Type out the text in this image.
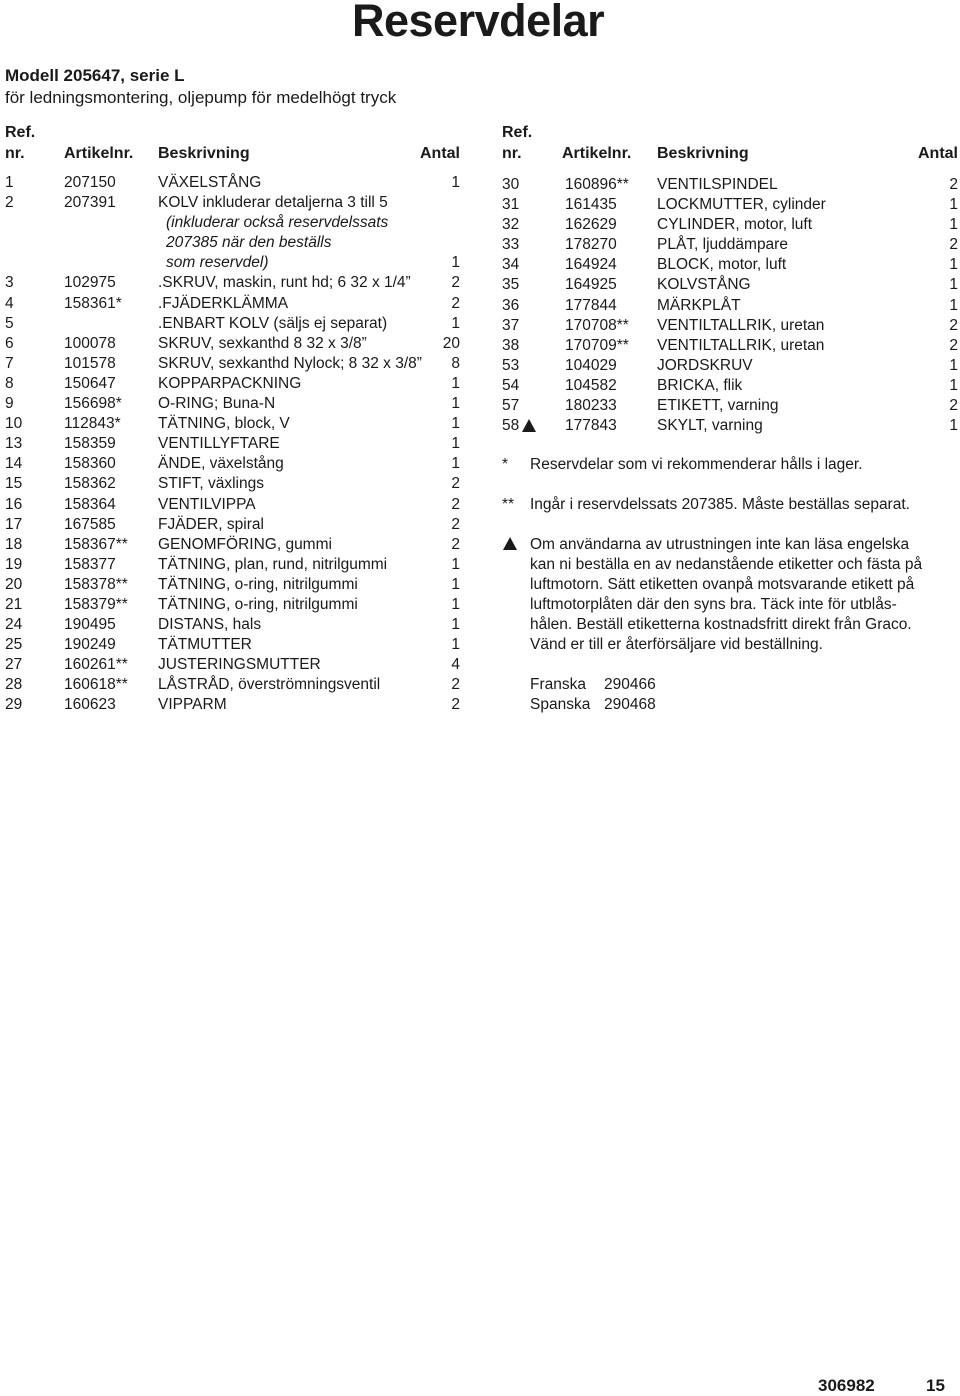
Reservdelar
Modell 205647, serie L
för ledningsmontering, oljepump för medelhögt tryck
Ref.
nr. Artikelnr. Beskrivning	Antal
Ref.
nr.	Artikelnr. Beskrivning	Antal
1	207150	VÄXELSTÅNG	1
2	207391	KOLV inkluderar detaljerna 3 till 5
(inkluderar också reservdelssats
207385 när den beställs
som reservdel)	1
3	102975	.SKRUV, maskin, runt hd; 6 32 x 1/4”	2
4	158361* .FJÄDERKLÄMMA	2
5	.ENBART KOLV (säljs ej separat)	1
6	100078	SKRUV, sexkanthd 8 32 x 3/8”	20
7	101578	SKRUV, sexkanthd Nylock; 8 32 x 3/8” 8
8	150647	KOPPARPACKNING	1
9	156698* O-RING; Buna-N	1
10	112843* TÄTNING, block, V	1
13	158359	VENTILLYFTARE	1
14	158360	ÄNDE, växelstång	1
15	158362	STIFT, växlings	2
16	158364	VENTILVIPPA	2
17	167585	FJÄDER, spiral	2
18	158367** GENOMFÖRING, gummi	2
19	158377	TÄTNING, plan, rund, nitrilgummi	1
20	158378** TÄTNING, o-ring, nitrilgummi	1
21	158379** TÄTNING, o-ring, nitrilgummi	1
24	190495	DISTANS, hals	1
25	190249	TÄTMUTTER	1
27	160261** JUSTERINGSMUTTER	4
28	160618** LÅSTRÅD, överströmningsventil	2
29	160623	VIPPARM	2
30	160896** VENTILSPINDEL	2
31	161435	LOCKMUTTER, cylinder	1
32	162629	CYLINDER, motor, luft	1
33	178270	PLÅT, ljuddämpare	2
34	164924	BLOCK, motor, luft	1
35	164925	KOLVSTÅNG	1
36	177844	MÄRKPLÅT	1
37	170708** VENTILTALLRIK, uretan	2
38	170709** VENTILTALLRIK, uretan	2
53	104029	JORDSKRUV	1
54	104582	BRICKA, flik	1
57	180233	ETIKETT, varning	2
58	177843	SKYLT, varning	1
* Reservdelar som vi rekommenderar hålls i lager.
** Ingår i reservdelssats 207385. Måste beställas separat.
Om användarna av utrustningen inte kan läsa engelska
kan ni beställa en av nedanstående etiketter och fästa på
luftmotorn. Sätt etiketten ovanpå motsvarande etikett på
luftmotorplåten där den syns bra. Täck inte för utblås-
hålen. Beställ etiketterna kostnadsfritt direkt från Graco.
Vänd er till er återförsäljare vid beställning.
Franska 290466
Spanska 290468
306982	15
